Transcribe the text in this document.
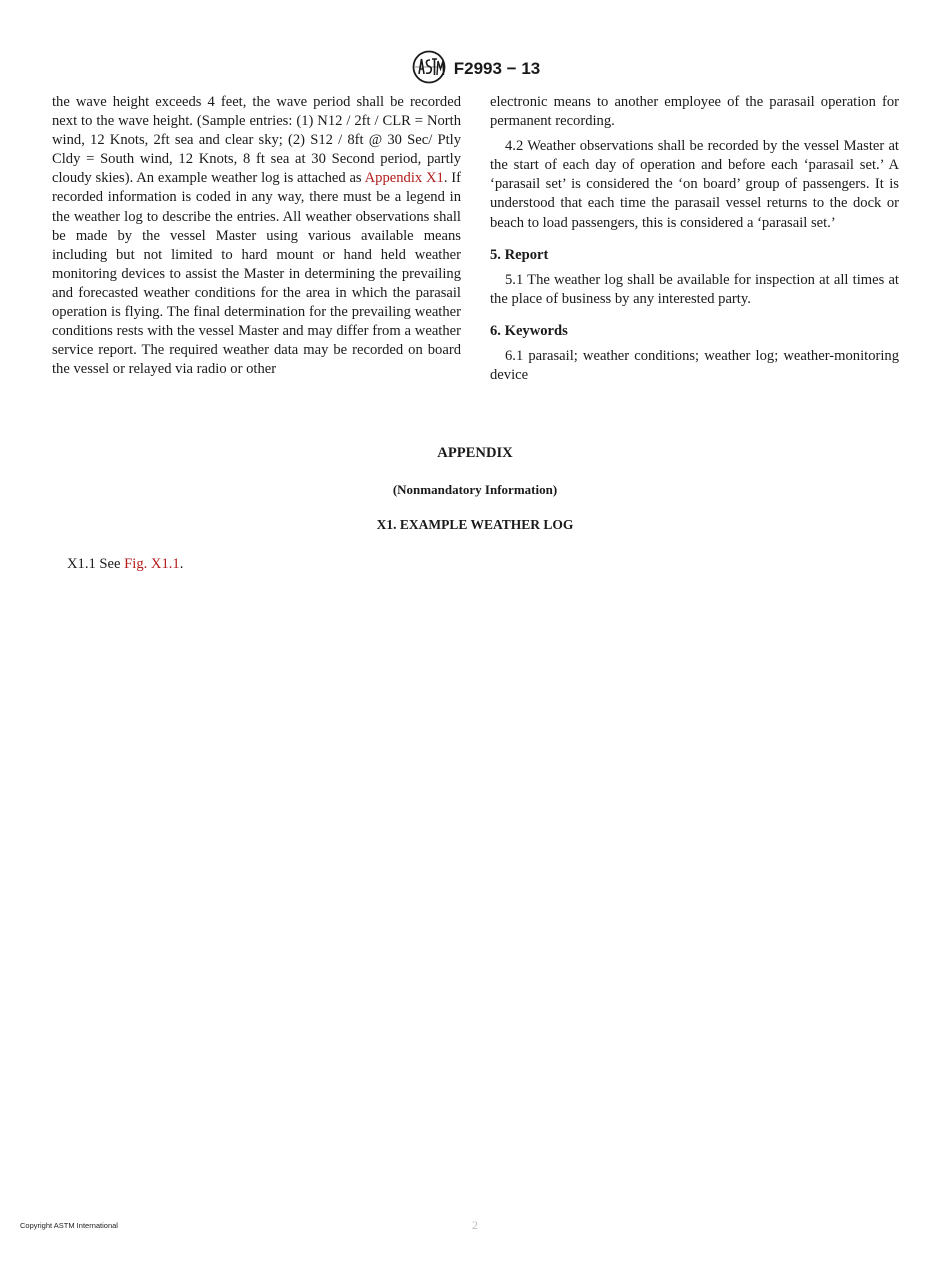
F2993 − 13

the wave height exceeds 4 feet, the wave period shall be recorded next to the wave height. (Sample entries: (1) N12 / 2ft / CLR = North wind, 12 Knots, 2ft sea and clear sky; (2) S12 / 8ft @ 30 Sec/ Ptly Cldy = South wind, 12 Knots, 8 ft sea at 30 Second period, partly cloudy skies). An example weather log is attached as Appendix X1. If recorded information is coded in any way, there must be a legend in the weather log to describe the entries. All weather observations shall be made by the vessel Master using various available means including but not limited to hard mount or hand held weather monitoring devices to assist the Master in determining the prevailing and forecasted weather conditions for the area in which the parasail operation is flying. The final determination for the prevailing weather conditions rests with the vessel Master and may differ from a weather service report. The required weather data may be recorded on board the vessel or relayed via radio or other

electronic means to another employee of the parasail operation for permanent recording.

4.2 Weather observations shall be recorded by the vessel Master at the start of each day of operation and before each ‘parasail set.’ A ‘parasail set’ is considered the ‘on board’ group of passengers. It is understood that each time the parasail vessel returns to the dock or beach to load passengers, this is considered a ‘parasail set.’

5. Report

5.1 The weather log shall be available for inspection at all times at the place of business by any interested party.

6. Keywords

6.1 parasail; weather conditions; weather log; weather-monitoring device

APPENDIX
(Nonmandatory Information)
X1. EXAMPLE WEATHER LOG
X1.1 See Fig. X1.1.
Copyright ASTM International	2
